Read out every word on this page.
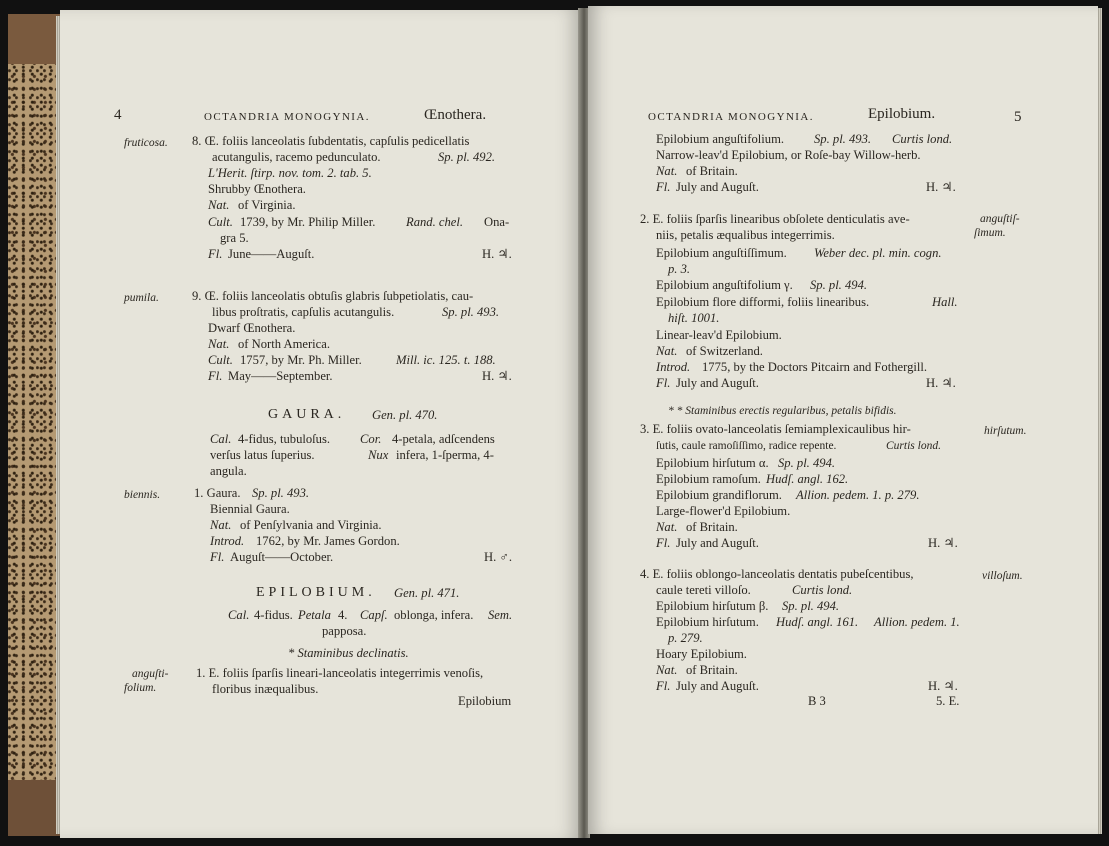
4	OCTANDRIA MONOGYNIA.	Œnothera.
fruticosa. 8. Œ. foliis lanceolatis ſubdentatis, capſulis pedicellatis
acutangulis, racemo pedunculato.	Sp. pl. 492.
L'Herit. ſtirp. nov. tom. 2. tab. 5.
Shrubby Œnothera.
Nat. of Virginia.
Cult. 1739, by Mr. Philip Miller. Rand. chel. Ona-
gra 5.
Fl. June——Auguſt.	H. ♃.
pumila.	9. Œ. foliis lanceolatis obtuſis glabris ſubpetiolatis, cau-
libus proſtratis, capſulis acutangulis.	Sp. pl. 493.
Dwarf Œnothera.
Nat. of North America.
Cult. 1757, by Mr. Ph. Miller.	Mill. ic. 125. t. 188.
Fl. May——September.	H. ♃.
GAURA. Gen. pl. 470.
Cal. 4-fidus, tubuloſus. Cor. 4-petala, adſcendens
verſus latus ſuperius.	Nux infera, 1-ſperma, 4-
angula.
biennis.	1. Gaura. Sp. pl. 493.
Biennial Gaura.
Nat. of Penſylvania and Virginia.
Introd. 1762, by Mr. James Gordon.
Fl. Auguſt——October.	H. ♂.
EPILOBIUM. Gen. pl. 471.
Cal. 4-fidus. Petala 4. Capſ. oblonga, infera. Sem.
papposa.
* Staminibus declinatis.
anguſti-
folium.
1. E. foliis ſparſis lineari-lanceolatis integerrimis venoſis,
floribus inæqualibus.
Epilobium
OCTANDRIA MONOGYNIA.	Epilobium.	5
Epilobium anguſtifolium. Sp. pl. 493. Curtis lond.
Narrow-leav'd Epilobium, or Roſe-bay Willow-herb.
Nat. of Britain.
Fl. July and Auguſt.	H. ♃.
anguſtiſ-
ſimum.
2. E. foliis ſparſis linearibus obſolete denticulatis ave-
niis, petalis æqualibus integerrimis.
Epilobium anguſtiſſimum. Weber dec. pl. min. cogn.
p. 3.
Epilobium anguſtifolium γ. Sp. pl. 494.
Epilobium flore difformi, foliis linearibus.	Hall.
hiſt. 1001.
Linear-leav'd Epilobium.
Nat. of Switzerland.
Introd. 1775, by the Doctors Pitcairn and Fothergill.
Fl. July and Auguſt.	H. ♃.
* * Staminibus erectis regularibus, petalis bifidis.
hirſutum.
3. E. foliis ovato-lanceolatis ſemiamplexicaulibus hir-
ſutis, caule ramoſiſſimo, radice repente.	Curtis lond.
Epilobium hirſutum α. Sp. pl. 494.
Epilobium ramoſum. Hudſ. angl. 162.
Epilobium grandiflorum. Allion. pedem. 1. p. 279.
Large-flower'd Epilobium.
Nat. of Britain.
Fl. July and Auguſt.	H. ♃.
villoſum.
4. E. foliis oblongo-lanceolatis dentatis pubeſcentibus,
caule tereti villoſo.	Curtis lond.
Epilobium hirſutum β. Sp. pl. 494.
Epilobium hirſutum. Hudſ. angl. 161. Allion. pedem. 1.
p. 279.
Hoary Epilobium.
Nat. of Britain.
Fl. July and Auguſt.	H. ♃.
B 3	5. E.
